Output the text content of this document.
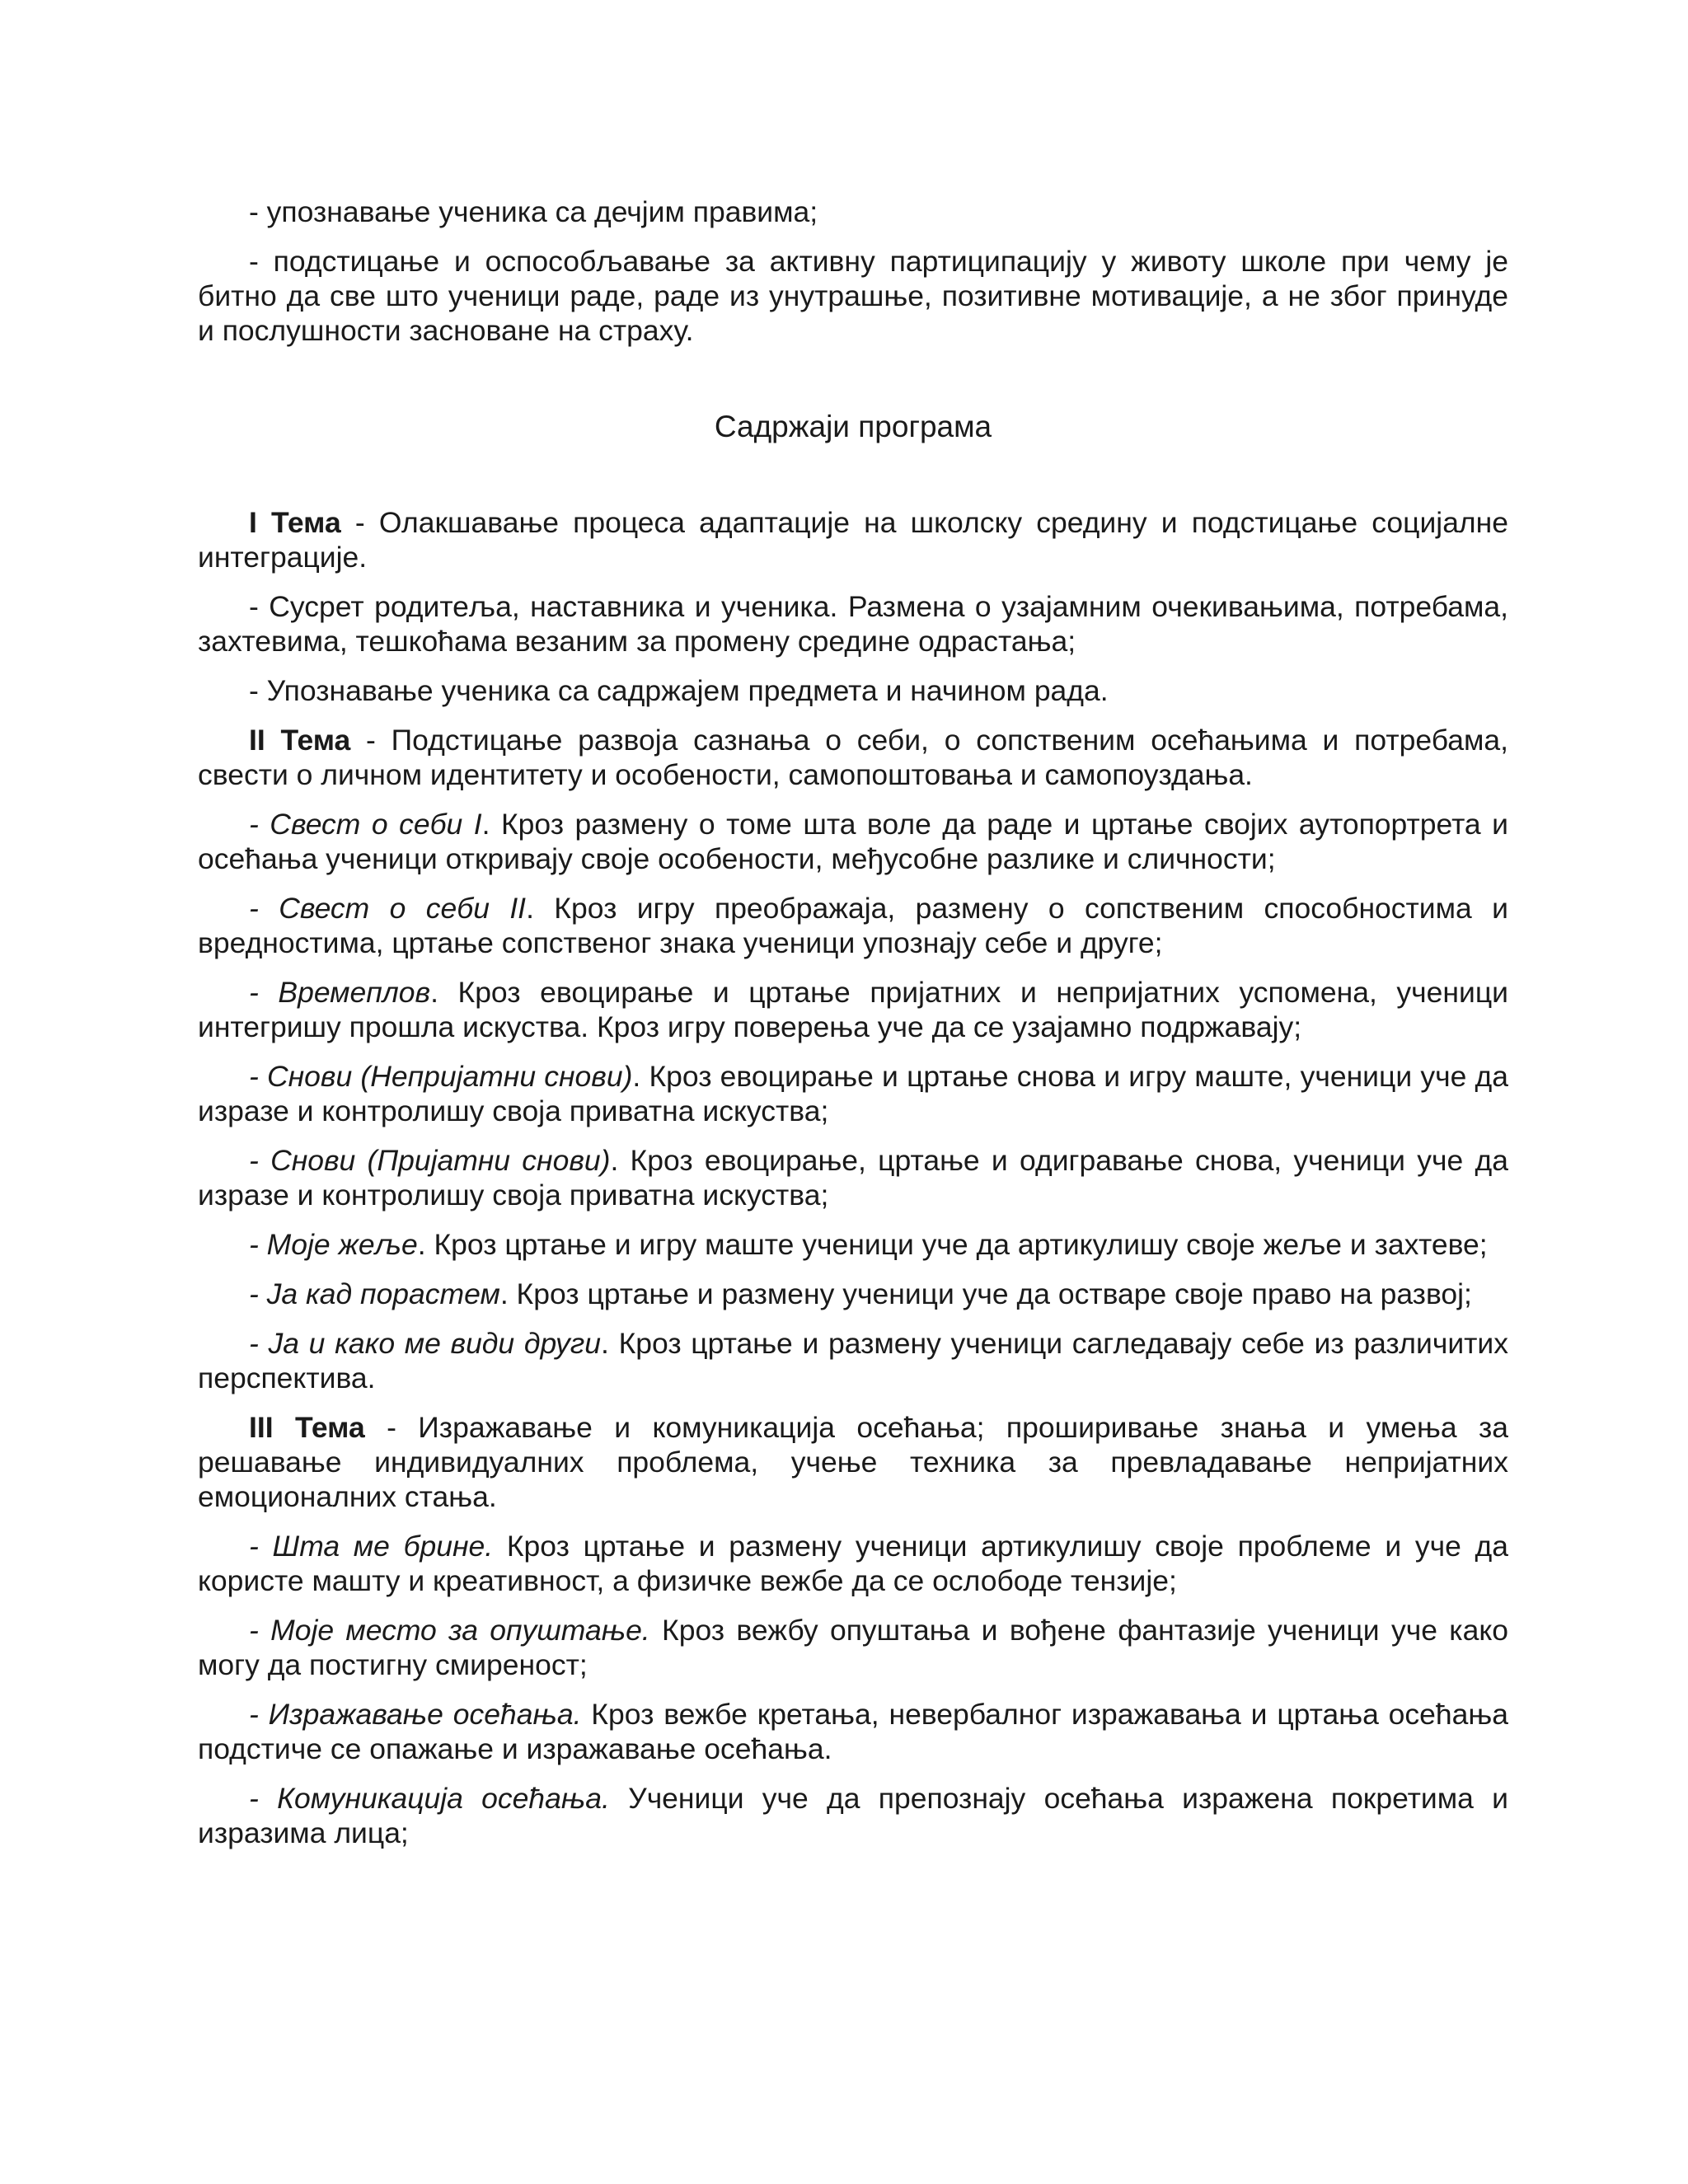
- упознавање ученика са дечјим правима;

- подстицање и оспособљавање за активну партиципацију у животу школе при чему је битно да све што ученици раде, раде из унутрашње, позитивне мотивације, а не због принуде и послушности засноване на страху.

Садржаји програма

I Тема - Олакшавање процеса адаптације на школску средину и подстицање социјалне интеграције.

- Сусрет родитеља, наставника и ученика. Размена о узајамним очекивањима, потребама, захтевима, тешкоћама везаним за промену средине одрастања;

- Упознавање ученика са садржајем предмета и начином рада.

II Тема - Подстицање развоја сазнања о себи, о сопственим осећањима и потребама, свести о личном идентитету и особености, самопоштовања и самопоуздања.

- Свест о себи I. Кроз размену о томе шта воле да раде и цртање својих аутопортрета и осећања ученици откривају своје особености, међусобне разлике и сличности;

- Свест о себи II. Кроз игру преображаја, размену о сопственим способностима и вредностима, цртање сопственог знака ученици упознају себе и друге;

- Времеплов. Кроз евоцирање и цртање пријатних и непријатних успомена, ученици интегришу прошла искуства. Кроз игру поверења уче да се узајамно подржавају;

- Снови (Непријатни снови). Кроз евоцирање и цртање снова и игру маште, ученици уче да изразе и контролишу своја приватна искуства;

- Снови (Пријатни снови). Кроз евоцирање, цртање и одигравање снова, ученици уче да изразе и контролишу своја приватна искуства;

- Моје жеље. Кроз цртање и игру маште ученици уче да артикулишу своје жеље и захтеве;

- Ја кад порастем. Кроз цртање и размену ученици уче да остваре своје право на развој;

- Ја и како ме види други. Кроз цртање и размену ученици сагледавају себе из различитих перспектива.

III Тема - Изражавање и комуникација осећања; проширивање знања и умења за решавање индивидуалних проблема, учење техника за превладавање непријатних емоционалних стања.

- Шта ме брине. Кроз цртање и размену ученици артикулишу своје проблеме и уче да користе машту и креативност, а физичке вежбе да се ослободе тензије;

- Моје место за опуштање. Кроз вежбу опуштања и вођене фантазије ученици уче како могу да постигну смиреност;

- Изражавање осећања. Кроз вежбе кретања, невербалног изражавања и цртања осећања подстиче се опажање и изражавање осећања.

- Комуникација осећања. Ученици уче да препознају осећања изражена покретима и изразима лица;
